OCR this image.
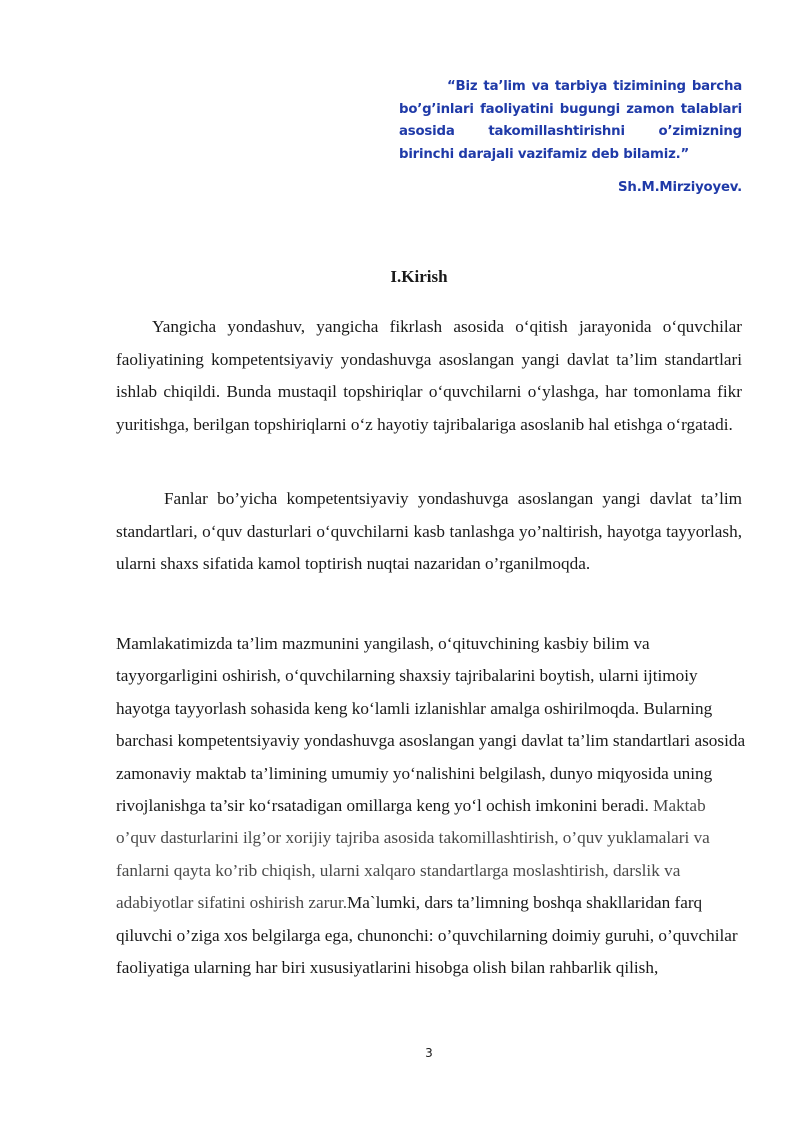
“Biz ta’lim va tarbiya tizimining barcha bo’g’inlari faoliyatini bugungi zamon talablari asosida takomillashtirishni o’zimizning birinchi darajali vazifamiz deb bilamiz.”
Sh.M.Mirziyoyev.
I.Kirish

Yangicha yondashuv, yangicha fikrlash asosida o‘qitish jarayonida o‘quvchilar faoliyatining kompetentsiyaviy yondashuvga asoslangan yangi davlat ta’lim standartlari ishlab chiqildi. Bunda mustaqil topshiriqlar o‘quvchilarni o‘ylashga, har tomonlama fikr yuritishga, berilgan topshiriqlarni o‘z hayotiy tajribalariga asoslanib hal etishga o‘rgatadi.

Fanlar bo’yicha kompetentsiyaviy yondashuvga asoslangan yangi davlat ta’lim standartlari, o‘quv dasturlari o‘quvchilarni kasb tanlashga yo’naltirish, hayotga tayyorlash, ularni shaxs sifatida kamol toptirish nuqtai nazaridan o’rganilmoqda.

Mamlakatimizda ta’lim mazmunini yangilash, o‘qituvchining kasbiy bilim va tayyorgarligini oshirish, o‘quvchilarning shaxsiy tajribalarini boytish, ularni ijtimoiy hayotga tayyorlash sohasida keng ko‘lamli izlanishlar amalga oshirilmoqda. Bularning barchasi kompetentsiyaviy yondashuvga asoslangan yangi davlat ta’lim standartlari asosida zamonaviy maktab ta’limining umumiy yo‘nalishini belgilash, dunyo miqyosida uning rivojlanishga ta’sir ko‘rsatadigan omillarga keng yo‘l ochish imkonini beradi. Maktab o’quv dasturlarini ilg’or xorijiy tajriba asosida takomillashtirish, o’quv yuklamalari va fanlarni qayta ko’rib chiqish, ularni xalqaro standartlarga moslashtirish, darslik va adabiyotlar sifatini oshirish zarur.Ma`lumki, dars ta’limning boshqa shakllaridan farq qiluvchi o’ziga xos belgilarga ega, chunonchi: o’quvchilarning doimiy guruhi, o’quvchilar faoliyatiga ularning har biri xususiyatlarini hisobga olish bilan rahbarlik qilish,

3
